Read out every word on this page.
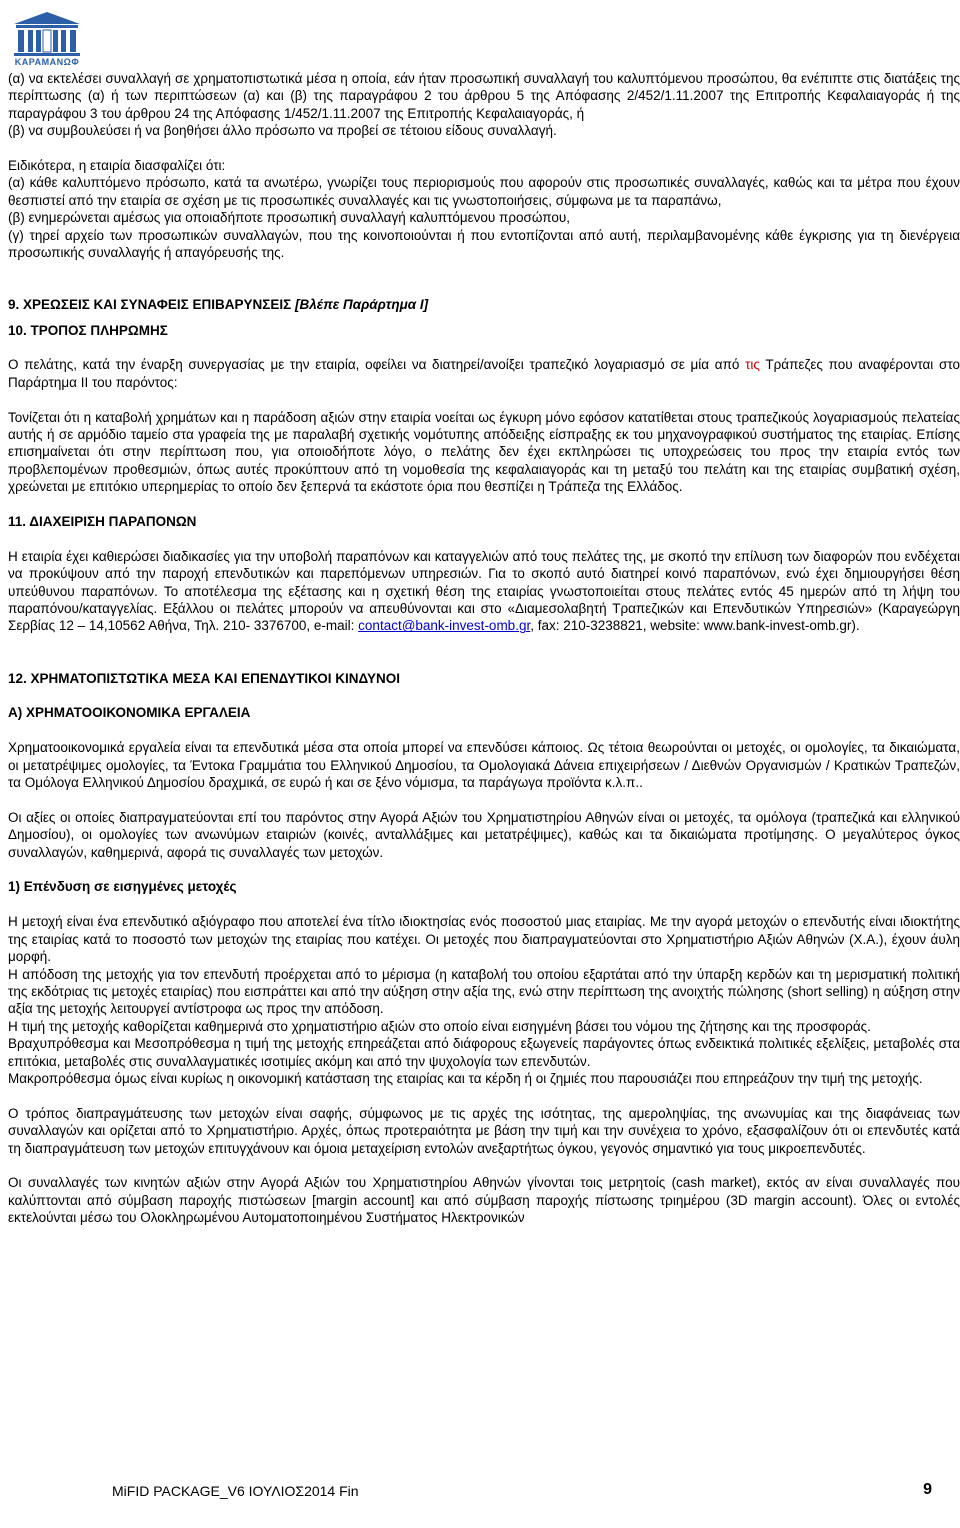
ΚΑΡΑΜΑΝΩΦ

(α) να εκτελέσει συναλλαγή σε χρηματοπιστωτικά μέσα η οποία, εάν ήταν προσωπική συναλλαγή του καλυπτόμενου προσώπου, θα ενέπιπτε στις διατάξεις της περίπτωσης (α) ή των περιπτώσεων (α) και (β) της παραγράφου 2 του άρθρου 5 της Απόφασης 2/452/1.11.2007 της Επιτροπής Κεφαλαιαγοράς ή της παραγράφου 3 του άρθρου 24 της Απόφασης 1/452/1.11.2007 της Επιτροπής Κεφαλαιαγοράς, ή

(β) να συμβουλεύσει ή να βοηθήσει άλλο πρόσωπο να προβεί σε τέτοιου είδους συναλλαγή.

Ειδικότερα, η εταιρία διασφαλίζει ότι:

(α) κάθε καλυπτόμενο πρόσωπο, κατά τα ανωτέρω, γνωρίζει τους περιορισμούς που αφορούν στις προσωπικές συναλλαγές, καθώς και τα μέτρα που έχουν θεσπιστεί από την εταιρία σε σχέση με τις προσωπικές συναλλαγές και τις γνωστοποιήσεις, σύμφωνα με τα παραπάνω,

(β) ενημερώνεται αμέσως για οποιαδήποτε προσωπική συναλλαγή καλυπτόμενου προσώπου,

(γ) τηρεί αρχείο των προσωπικών συναλλαγών, που της κοινοποιούνται ή που εντοπίζονται από αυτή, περιλαμβανομένης κάθε έγκρισης για τη διενέργεια προσωπικής συναλλαγής ή απαγόρευσής της.

9. ΧΡΕΩΣΕΙΣ ΚΑΙ ΣΥΝΑΦΕΙΣ ΕΠΙΒΑΡΥΝΣΕΙΣ [Βλέπε Παράρτημα Ι]

10. ΤΡΟΠΟΣ ΠΛΗΡΩΜΗΣ

Ο πελάτης, κατά την έναρξη συνεργασίας με την εταιρία, οφείλει να διατηρεί/ανοίξει τραπεζικό λογαριασμό σε μία από τις Τράπεζες που αναφέρονται στο Παράρτημα ΙΙ του παρόντος:

Τονίζεται ότι η καταβολή χρημάτων και η παράδοση αξιών στην εταιρία νοείται ως έγκυρη μόνο εφόσον κατατίθεται στους τραπεζικούς λογαριασμούς πελατείας αυτής ή σε αρμόδιο ταμείο στα γραφεία της με παραλαβή σχετικής νομότυπης απόδειξης είσπραξης εκ του μηχανογραφικού συστήματος της εταιρίας. Επίσης επισημαίνεται ότι στην περίπτωση που, για οποιοδήποτε λόγο, ο πελάτης δεν έχει εκπληρώσει τις υποχρεώσεις του προς την εταιρία εντός των προβλεπομένων προθεσμιών, όπως αυτές προκύπτουν από τη νομοθεσία της κεφαλαιαγοράς και τη μεταξύ του πελάτη και της εταιρίας συμβατική σχέση, χρεώνεται με επιτόκιο υπερημερίας το οποίο δεν ξεπερνά τα εκάστοτε όρια που θεσπίζει η Τράπεζα της Ελλάδος.

11. ΔΙΑΧΕΙΡΙΣΗ ΠΑΡΑΠΟΝΩΝ

Η εταιρία έχει καθιερώσει διαδικασίες για την υποβολή παραπόνων και καταγγελιών από τους πελάτες της, με σκοπό την επίλυση των διαφορών που ενδέχεται να προκύψουν από την παροχή επενδυτικών και παρεπόμενων υπηρεσιών. Για το σκοπό αυτό διατηρεί κοινό παραπόνων, ενώ έχει δημιουργήσει θέση υπεύθυνου παραπόνων. Το αποτέλεσμα της εξέτασης και η σχετική θέση της εταιρίας γνωστοποιείται στους πελάτες εντός 45 ημερών από τη λήψη του παραπόνου/καταγγελίας. Εξάλλου οι πελάτες μπορούν να απευθύνονται και στο «Διαμεσολαβητή Τραπεζικών και Επενδυτικών Υπηρεσιών» (Καραγεώργη Σερβίας 12 – 14,10562 Αθήνα, Τηλ. 210- 3376700, e-mail: contact@bank-invest-omb.gr, fax: 210-3238821, website: www.bank-invest-omb.gr).

12. ΧΡΗΜΑΤΟΠΙΣΤΩΤΙΚΑ ΜΕΣΑ ΚΑΙ ΕΠΕΝΔΥΤΙΚΟΙ ΚΙΝΔΥΝΟΙ

Α) ΧΡΗΜΑΤΟΟΙΚΟΝΟΜΙΚΑ ΕΡΓΑΛΕΙΑ

Χρηματοοικονομικά εργαλεία είναι τα επενδυτικά μέσα στα οποία μπορεί να επενδύσει κάποιος. Ως τέτοια θεωρούνται οι μετοχές, οι ομολογίες, τα δικαιώματα, οι μετατρέψιμες ομολογίες, τα Έντοκα Γραμμάτια του Ελληνικού Δημοσίου, τα Ομολογιακά Δάνεια επιχειρήσεων / Διεθνών Οργανισμών / Κρατικών Τραπεζών, τα Ομόλογα Ελληνικού Δημοσίου δραχμικά, σε ευρώ ή και σε ξένο νόμισμα, τα παράγωγα προϊόντα κ.λ.π..

Οι αξίες οι οποίες διαπραγματεύονται επί του παρόντος στην Αγορά Αξιών του Χρηματιστηρίου Αθηνών είναι οι μετοχές, τα ομόλογα (τραπεζικά και ελληνικού Δημοσίου), οι ομολογίες των ανωνύμων εταιριών (κοινές, ανταλλάξιμες και μετατρέψιμες), καθώς και τα δικαιώματα προτίμησης. Ο μεγαλύτερος όγκος συναλλαγών, καθημερινά, αφορά τις συναλλαγές των μετοχών.

1) Επένδυση σε εισηγμένες μετοχές

Η μετοχή είναι ένα επενδυτικό αξιόγραφο που αποτελεί ένα τίτλο ιδιοκτησίας ενός ποσοστού μιας εταιρίας. Με την αγορά μετοχών ο επενδυτής είναι ιδιοκτήτης της εταιρίας κατά το ποσοστό των μετοχών της εταιρίας που κατέχει. Οι μετοχές που διαπραγματεύονται στο Χρηματιστήριο Αξιών Αθηνών (Χ.Α.), έχουν άυλη μορφή.

Η απόδοση της μετοχής για τον επενδυτή προέρχεται από το μέρισμα (η καταβολή του οποίου εξαρτάται από την ύπαρξη κερδών και τη μερισματική πολιτική της εκδότριας τις μετοχές εταιρίας) που εισπράττει και από την αύξηση στην αξία της, ενώ στην περίπτωση της ανοιχτής πώλησης (short selling) η αύξηση στην αξία της μετοχής λειτουργεί αντίστροφα ως προς την απόδοση.

Η τιμή της μετοχής καθορίζεται καθημερινά στο χρηματιστήριο αξιών στο οποίο είναι εισηγμένη βάσει του νόμου της ζήτησης και της προσφοράς.

Βραχυπρόθεσμα και Μεσοπρόθεσμα η τιμή της μετοχής επηρεάζεται από διάφορους εξωγενείς παράγοντες όπως ενδεικτικά πολιτικές εξελίξεις, μεταβολές στα επιτόκια, μεταβολές στις συναλλαγματικές ισοτιμίες ακόμη και από την ψυχολογία των επενδυτών.

Μακροπρόθεσμα όμως είναι κυρίως η οικονομική κατάσταση της εταιρίας και τα κέρδη ή οι ζημιές που παρουσιάζει που επηρεάζουν την τιμή της μετοχής.

Ο τρόπος διαπραγμάτευσης των μετοχών είναι σαφής, σύμφωνος με τις αρχές της ισότητας, της αμεροληψίας, της ανωνυμίας και της διαφάνειας των συναλλαγών και ορίζεται από το Χρηματιστήριο. Αρχές, όπως προτεραιότητα με βάση την τιμή και την συνέχεια το χρόνο, εξασφαλίζουν ότι οι επενδυτές κατά τη διαπραγμάτευση των μετοχών επιτυγχάνουν και όμοια μεταχείριση εντολών ανεξαρτήτως όγκου, γεγονός σημαντικό για τους μικροεπενδυτές.

Οι συναλλαγές των κινητών αξιών στην Αγορά Αξιών του Χρηματιστηρίου Αθηνών γίνονται τοις μετρητοίς (cash market), εκτός αν είναι συναλλαγές που καλύπτονται από σύμβαση παροχής πιστώσεων [margin account] και από σύμβαση παροχής πίστωσης τριημέρου (3D margin account). Όλες οι εντολές εκτελούνται μέσω του Ολοκληρωμένου Αυτοματοποιημένου Συστήματος Ηλεκτρονικών

MiFID PACKAGE_V6 ΙΟΥΛΙΟΣ2014 Fin	9
